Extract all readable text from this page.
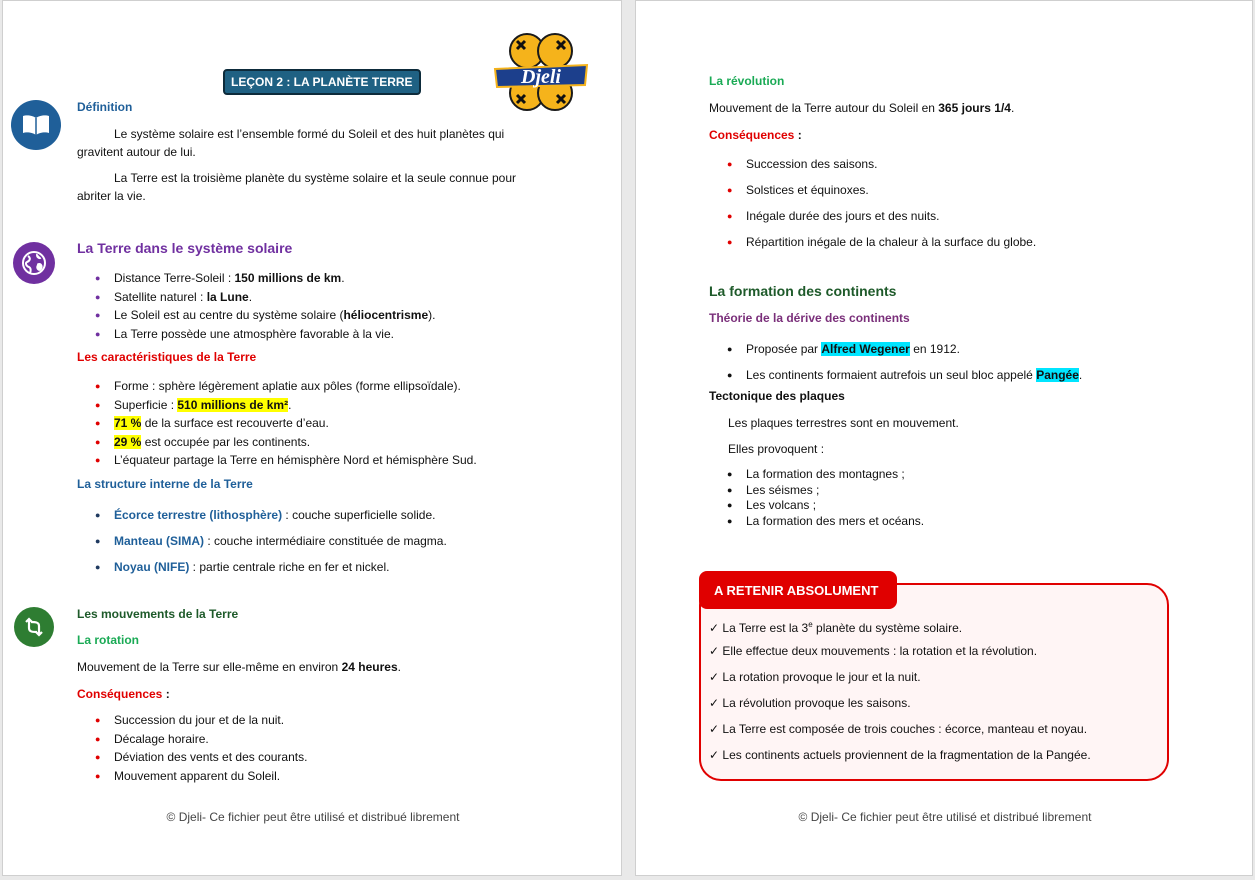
LEÇON 2 : LA PLANÈTE TERRE	Djeli
Définition
Le système solaire est l’ensemble formé du Soleil et des huit planètes qui gravitent autour de lui.
La Terre est la troisième planète du système solaire et la seule connue pour abriter la vie.
La Terre dans le système solaire
● Distance Terre-Soleil : 150 millions de km.
● Satellite naturel : la Lune.
● Le Soleil est au centre du système solaire (héliocentrisme).
● La Terre possède une atmosphère favorable à la vie.
Les caractéristiques de la Terre
● Forme : sphère légèrement aplatie aux pôles (forme ellipsoïdale).
● Superficie : 510 millions de km².
● 71 % de la surface est recouverte d’eau.
● 29 % est occupée par les continents.
● L’équateur partage la Terre en hémisphère Nord et hémisphère Sud.
La structure interne de la Terre
● Écorce terrestre (lithosphère) : couche superficielle solide.
● Manteau (SIMA) : couche intermédiaire constituée de magma.
● Noyau (NIFE) : partie centrale riche en fer et nickel.
Les mouvements de la Terre
La rotation
Mouvement de la Terre sur elle-même en environ 24 heures.
Conséquences :
● Succession du jour et de la nuit.
● Décalage horaire.
● Déviation des vents et des courants.
● Mouvement apparent du Soleil.
© Djeli- Ce fichier peut être utilisé et distribué librement
La révolution
Mouvement de la Terre autour du Soleil en 365 jours 1/4.
Conséquences :
● Succession des saisons.
● Solstices et équinoxes.
● Inégale durée des jours et des nuits.
● Répartition inégale de la chaleur à la surface du globe.
La formation des continents
Théorie de la dérive des continents
● Proposée par Alfred Wegener en 1912.
● Les continents formaient autrefois un seul bloc appelé Pangée.
Tectonique des plaques
Les plaques terrestres sont en mouvement.
Elles provoquent :
● La formation des montagnes ;
● Les séismes ;
● Les volcans ;
● La formation des mers et océans.
A RETENIR ABSOLUMENT
✓ La Terre est la 3e planète du système solaire.
✓ Elle effectue deux mouvements : la rotation et la révolution.
✓ La rotation provoque le jour et la nuit.
✓ La révolution provoque les saisons.
✓ La Terre est composée de trois couches : écorce, manteau et noyau.
✓ Les continents actuels proviennent de la fragmentation de la Pangée.
© Djeli- Ce fichier peut être utilisé et distribué librement
